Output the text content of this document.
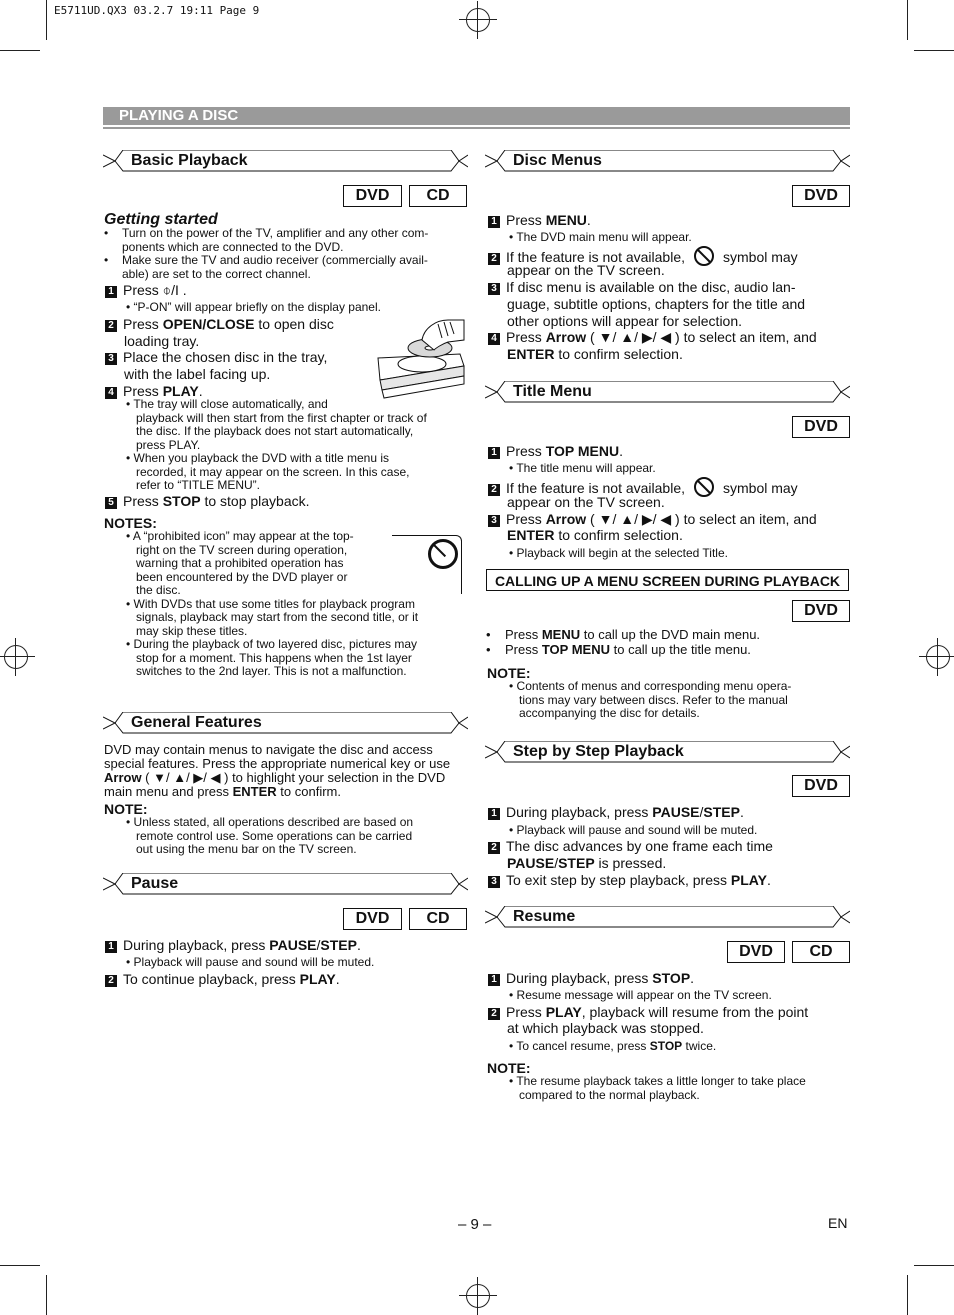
E5711UD.QX3 03.2.7 19:11 Page 9
PLAYING A DISC
Basic Playback
DVD	CD
Getting started
• Turn on the power of the TV, amplifier and any other com-
ponents which are connected to the DVD.
• Make sure the TV and audio receiver (commercially avail-
able) are set to the correct channel.
1 Press ⌽/I .
• “P-ON” will appear briefly on the display panel.
2 Press OPEN/CLOSE to open disc
loading tray.
3 Place the chosen disc in the tray,
with the label facing up.
4 Press PLAY.
• The tray will close automatically, and
playback will then start from the first chapter or track of
the disc. If the playback does not start automatically,
press PLAY.
• When you playback the DVD with a title menu is
recorded, it may appear on the screen. In this case,
refer to “TITLE MENU”.
5 Press STOP to stop playback.
NOTES:
• A “prohibited icon” may appear at the top-
right on the TV screen during operation,
warning that a prohibited operation has
been encountered by the DVD player or
the disc.
• With DVDs that use some titles for playback program
signals, playback may start from the second title, or it
may skip these titles.
• During the playback of two layered disc, pictures may
stop for a moment. This happens when the 1st layer
switches to the 2nd layer. This is not a malfunction.
General Features
DVD may contain menus to navigate the disc and access
special features. Press the appropriate numerical key or use
Arrow ( ▼/ ▲/ ▶/ ◀ ) to highlight your selection in the DVD
main menu and press ENTER to confirm.
NOTE:
• Unless stated, all operations described are based on
remote control use. Some operations can be carried
out using the menu bar on the TV screen.
Pause
DVD	CD
1 During playback, press PAUSE/STEP.
• Playback will pause and sound will be muted.
2 To continue playback, press PLAY.
Disc Menus
DVD
1 Press MENU.
• The DVD main menu will appear.
2 If the feature is not available,	symbol may
appear on the TV screen.
3 If disc menu is available on the disc, audio lan-
guage, subtitle options, chapters for the title and
other options will appear for selection.
4 Press Arrow ( ▼/ ▲/ ▶/ ◀ ) to select an item, and
ENTER to confirm selection.
Title Menu
DVD
1 Press TOP MENU.
• The title menu will appear.
2 If the feature is not available,	symbol may
appear on the TV screen.
3 Press Arrow ( ▼/ ▲/ ▶/ ◀ ) to select an item, and
ENTER to confirm selection.
• Playback will begin at the selected Title.
CALLING UP A MENU SCREEN DURING PLAYBACK
DVD
• Press MENU to call up the DVD main menu.
• Press TOP MENU to call up the title menu.
NOTE:
• Contents of menus and corresponding menu opera-
tions may vary between discs. Refer to the manual
accompanying the disc for details.
Step by Step Playback
DVD
1 During playback, press PAUSE/STEP.
• Playback will pause and sound will be muted.
2 The disc advances by one frame each time
PAUSE/STEP is pressed.
3 To exit step by step playback, press PLAY.
Resume
DVD	CD
1 During playback, press STOP.
• Resume message will appear on the TV screen.
2 Press PLAY, playback will resume from the point
at which playback was stopped.
• To cancel resume, press STOP twice.
NOTE:
• The resume playback takes a little longer to take place
compared to the normal playback.
– 9 –	EN
